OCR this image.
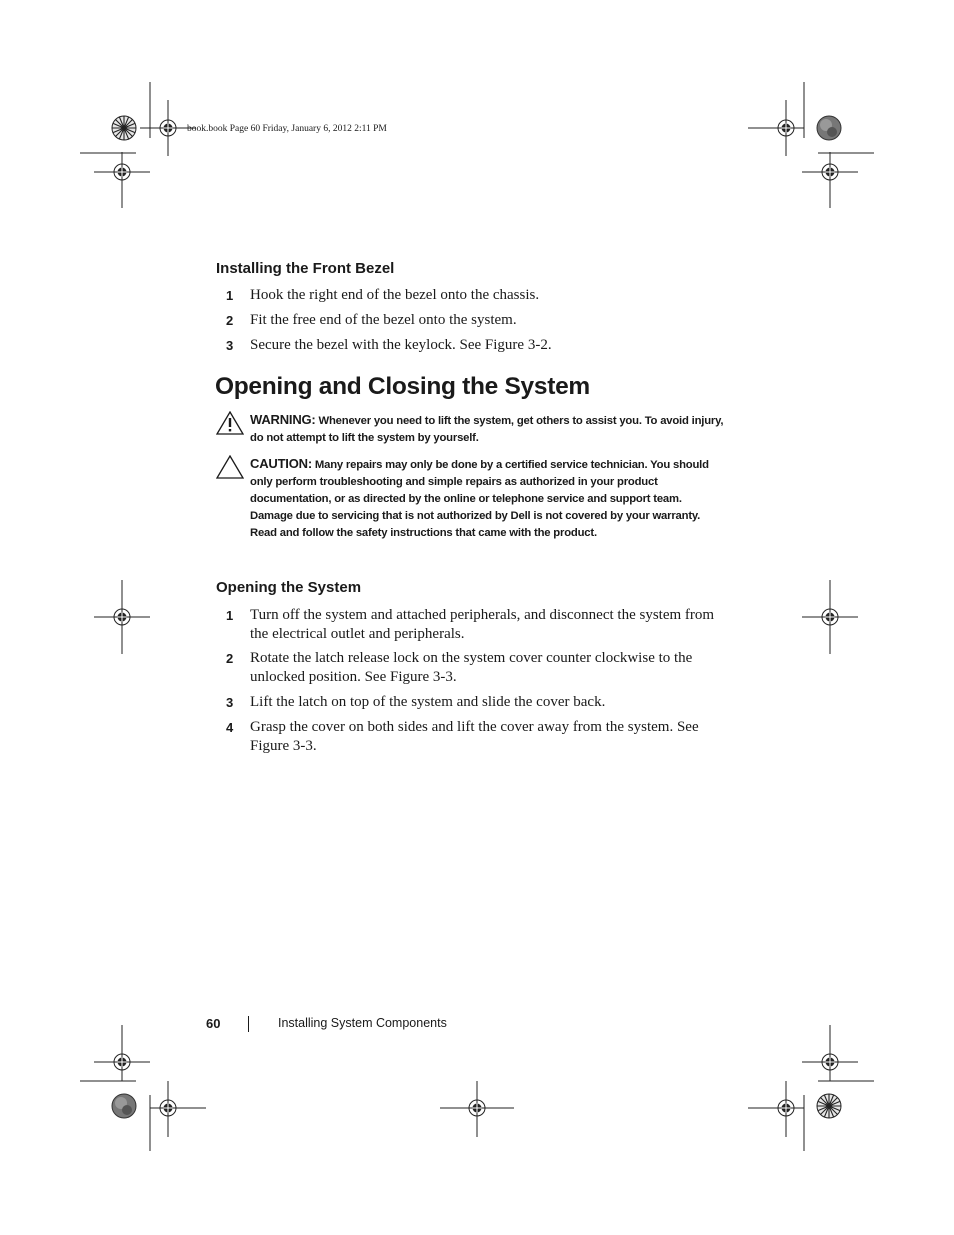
book.book Page 60 Friday, January 6, 2012 2:11 PM
Installing the Front Bezel
1 Hook the right end of the bezel onto the chassis.
2 Fit the free end of the bezel onto the system.
3 Secure the bezel with the keylock. See Figure 3-2.
Opening and Closing the System
WARNING: Whenever you need to lift the system, get others to assist you. To avoid injury, do not attempt to lift the system by yourself.
CAUTION: Many repairs may only be done by a certified service technician. You should only perform troubleshooting and simple repairs as authorized in your product documentation, or as directed by the online or telephone service and support team. Damage due to servicing that is not authorized by Dell is not covered by your warranty. Read and follow the safety instructions that came with the product.
Opening the System
1 Turn off the system and attached peripherals, and disconnect the system from the electrical outlet and peripherals.
2 Rotate the latch release lock on the system cover counter clockwise to the unlocked position. See Figure 3-3.
3 Lift the latch on top of the system and slide the cover back.
4 Grasp the cover on both sides and lift the cover away from the system. See Figure 3-3.
60	Installing System Components
